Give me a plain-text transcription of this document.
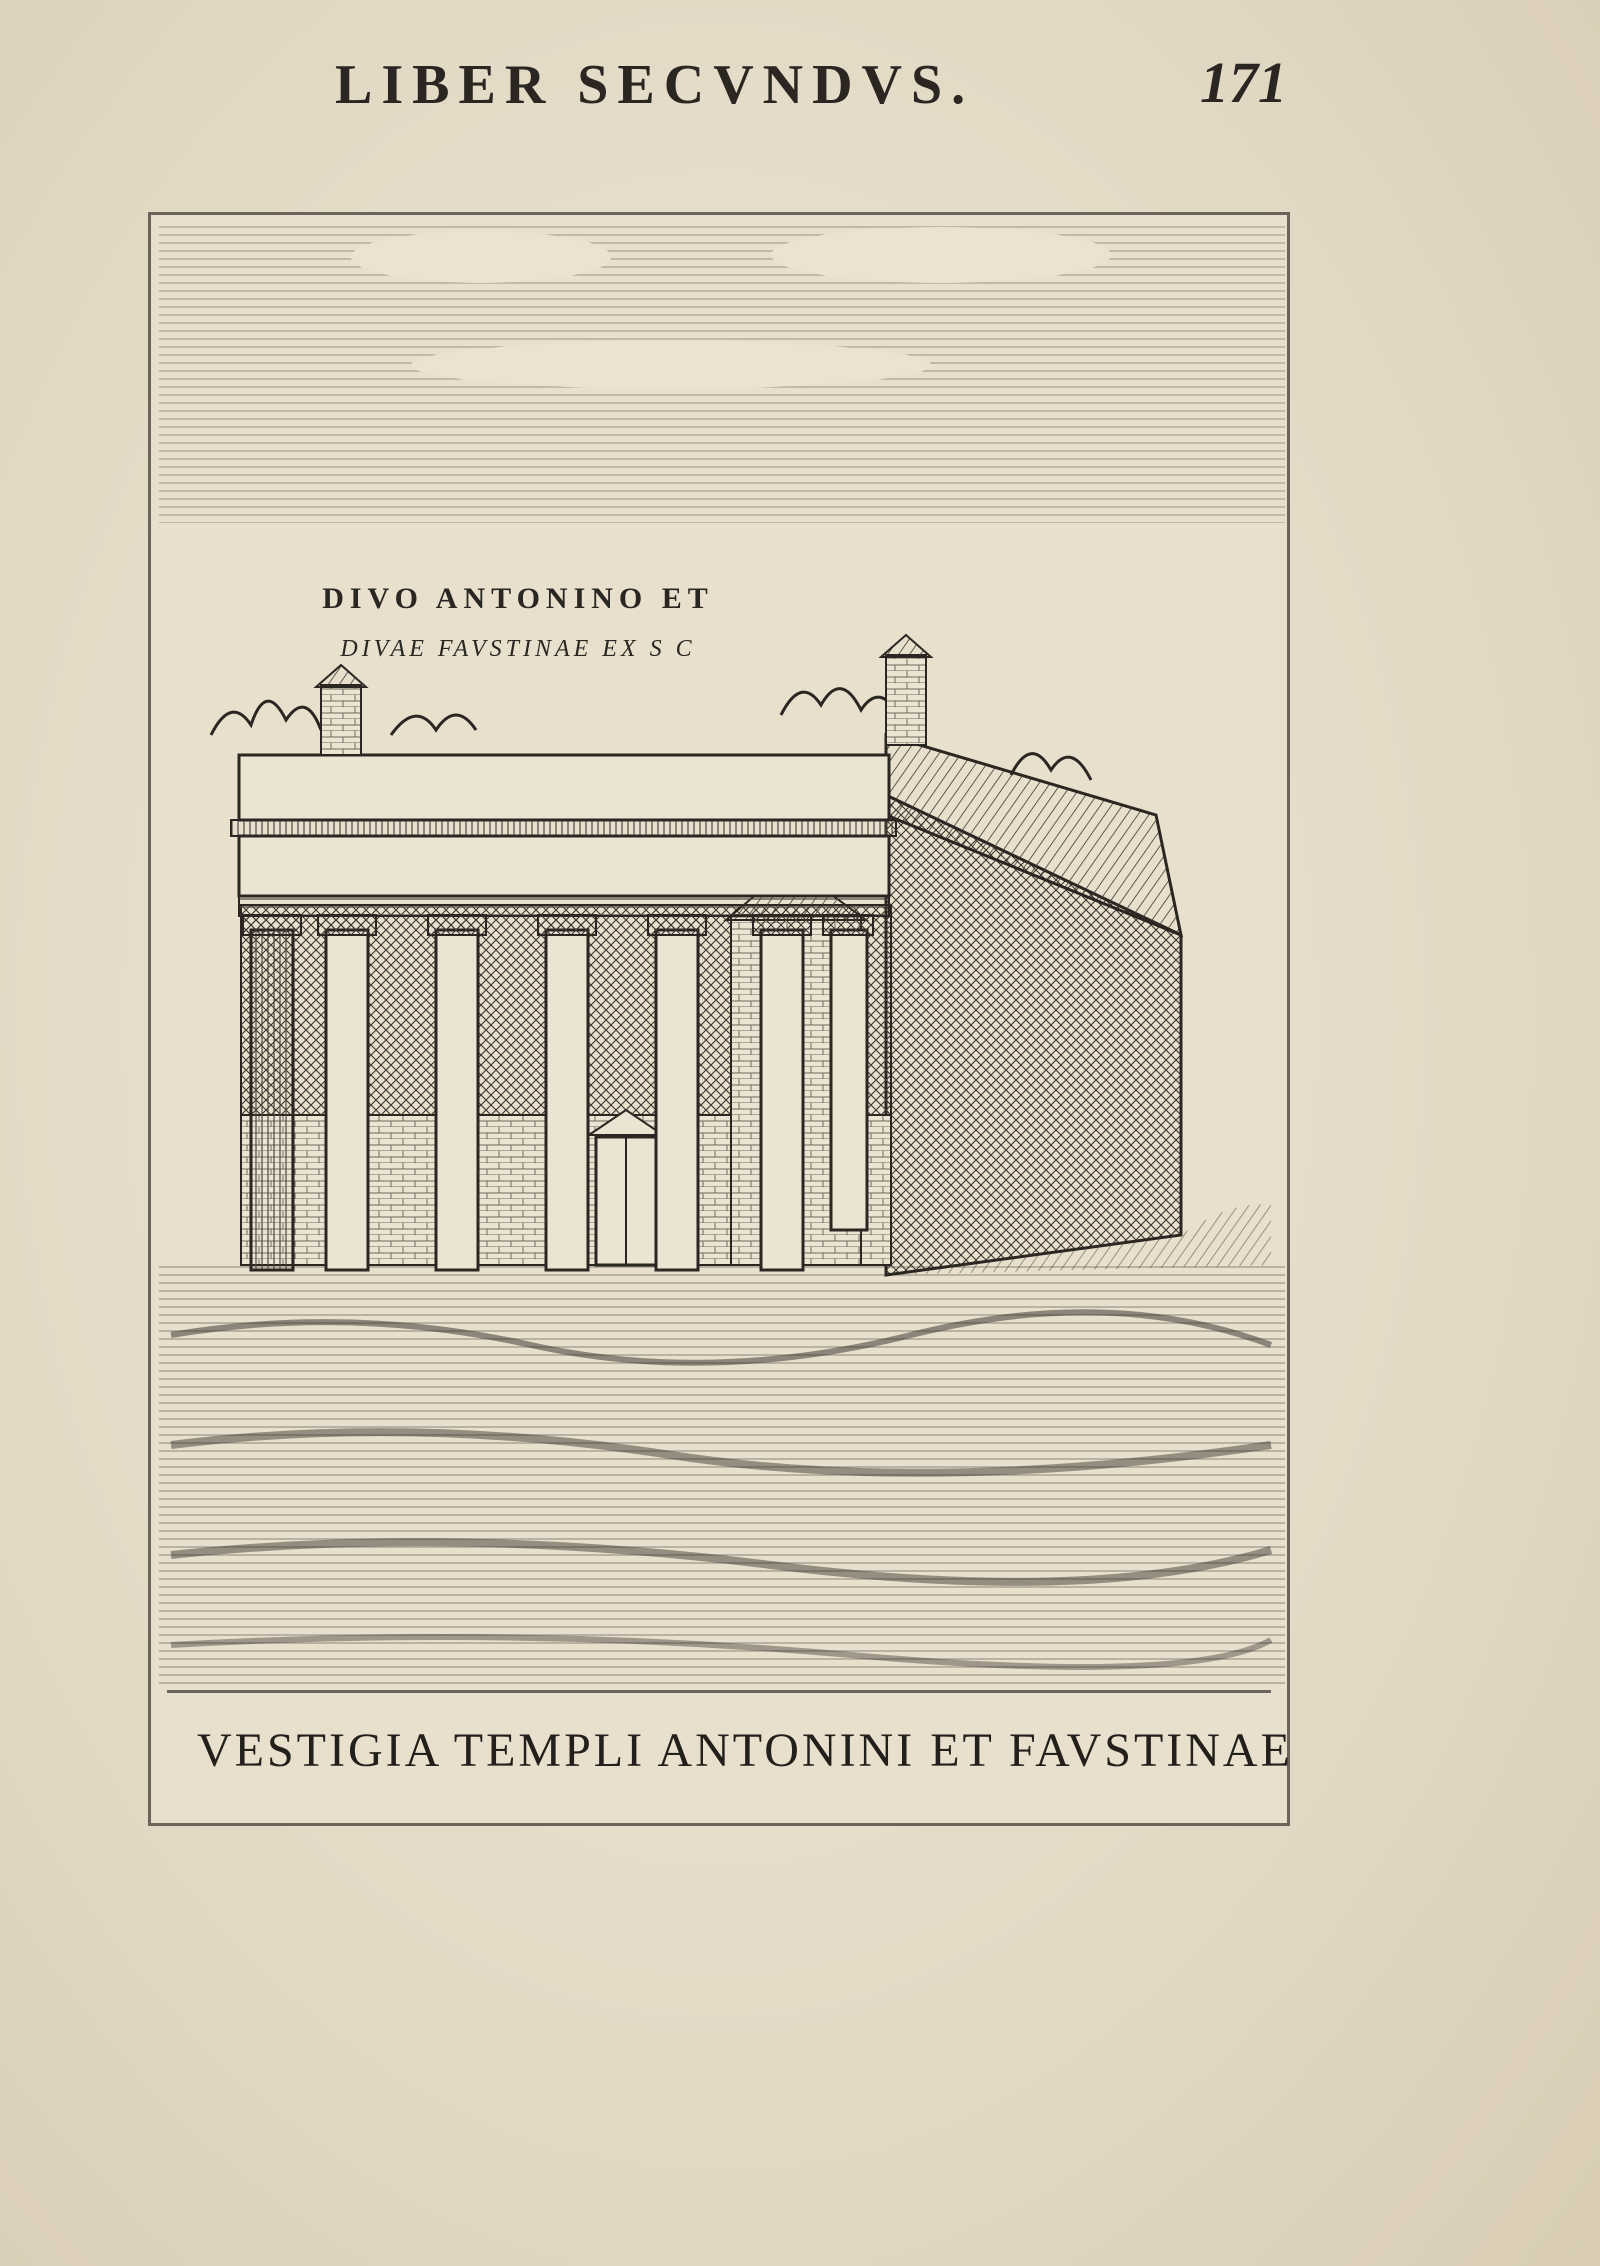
LIBER SECVNDVS.	171
VESTIGIA TEMPLI ANTONINI ET FAVSTINAE
DIVO ANTONINO ET
DIVAE FAVSTINAE EX S C
